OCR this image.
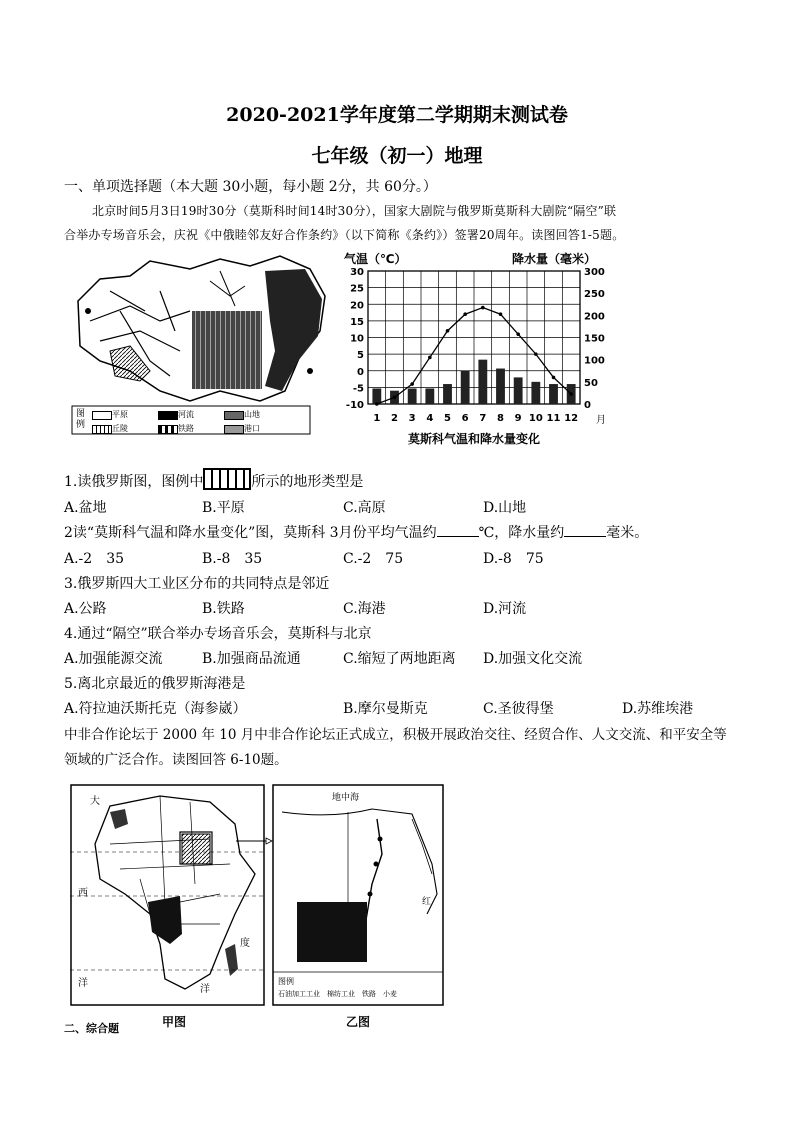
2020-2021学年度第二学期期末测试卷
七年级（初一）地理
一、单项选择题（本大题 30小题，每小题 2分，共 60分。）
北京时间5月3日19时30分（莫斯科时间14时30分），国家大剧院与俄罗斯莫斯科大剧院“隔空”联
合举办专场音乐会，庆祝《中俄睦邻友好合作条约》（以下简称《条约》）签署20周年。读图回答1-5题。
图
例
平原	河流	山地
丘陵	铁路	港口
气温（℃）	降水量（毫米）
月
莫斯科气温和降水量变化
-10
-5
0
5
10
15
20
25
30
0
50
100
150
200
250
300
1 2 3 4 5 6 7 8 9 10 11 12
1.读俄罗斯图，图例中	所示的地形类型是
A.盆地	B.平原	C.高原	D.山地
2读“莫斯科气温和降水量变化”图，莫斯科 3月份平均气温约	℃，降水量约	毫米。
A.-2　35	B.-8　35	C.-2　75	D.-8　75
3.俄罗斯四大工业区分布的共同特点是邻近
A.公路	B.铁路	C.海港	D.河流
4.通过“隔空”联合举办专场音乐会，莫斯科与北京
A.加强能源交流	B.加强商品流通	C.缩短了两地距离 D.加强文化交流
5.离北京最近的俄罗斯海港是
A.符拉迪沃斯托克（海参崴）	B.摩尔曼斯克	C.圣彼得堡	D.苏维埃港
中非合作论坛于 2000 年 10 月中非合作论坛正式成立，积极开展政治交往、经贸合作、人文交流、和平安全等
领域的广泛合作。读图回答 6-10题。
大
西
洋
洋
度
地中海
红
图例
石油加工工业　棉纺工业　铁路　小麦
甲图	乙图
$^{二、综合题}$
